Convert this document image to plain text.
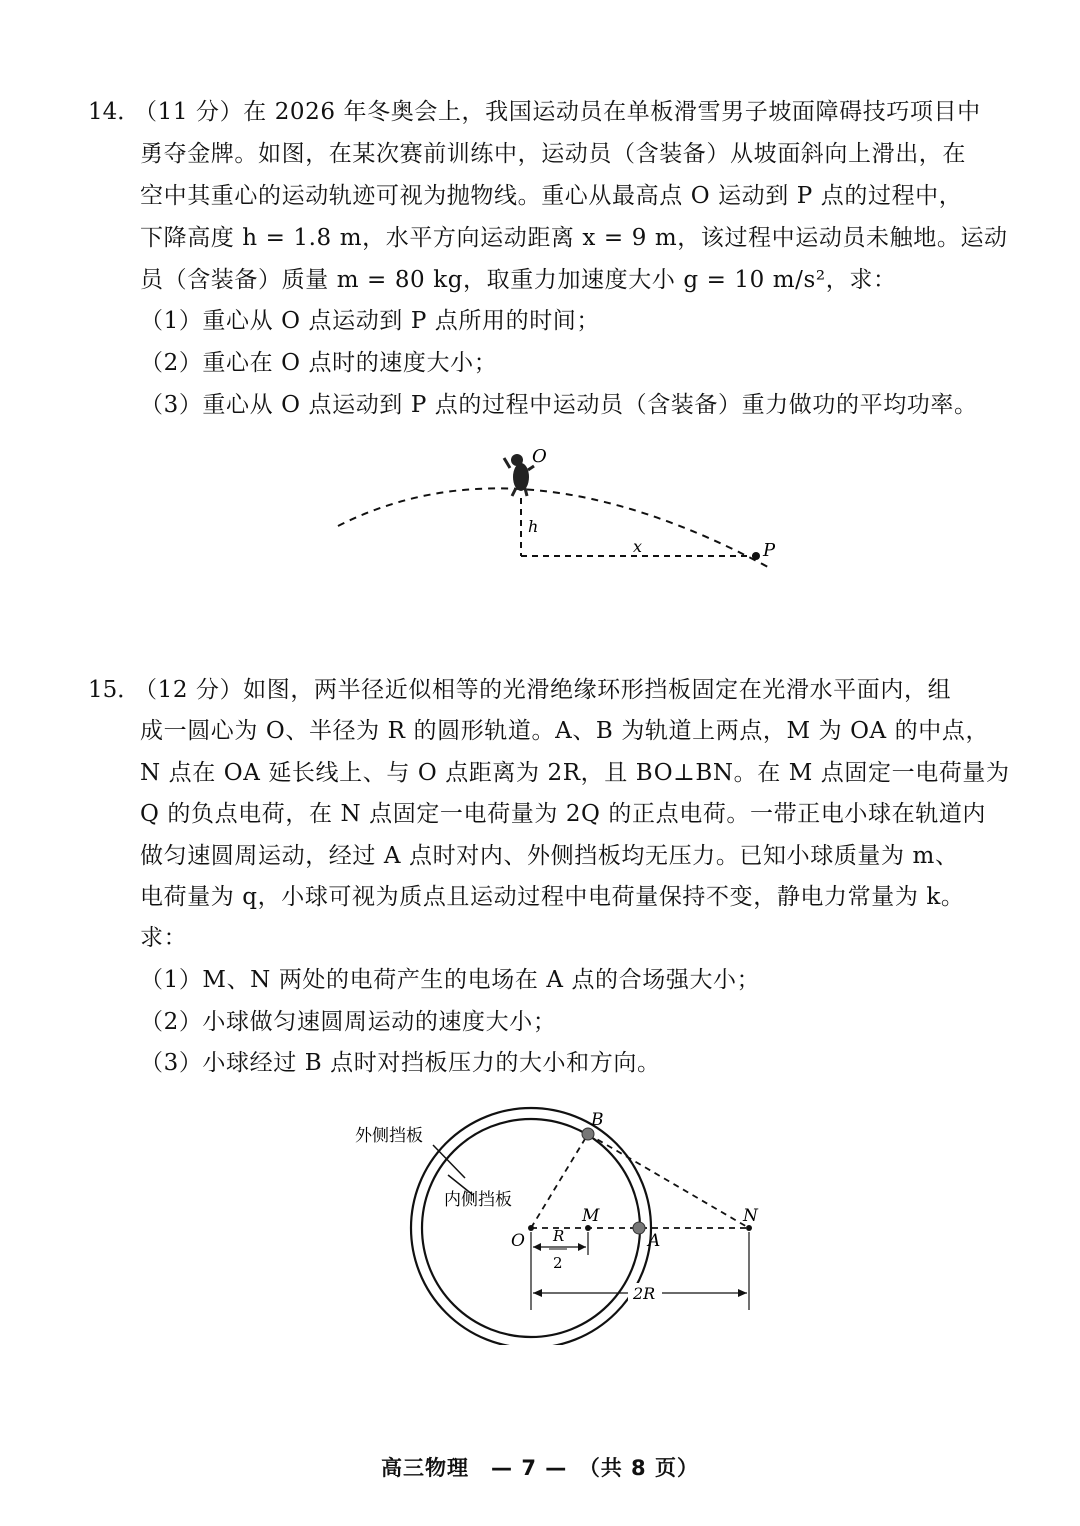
14．
（11 分）在 2026 年冬奥会上，我国运动员在单板滑雪男子坡面障碍技巧项目中
勇夺金牌。如图，在某次赛前训练中，运动员（含装备）从坡面斜向上滑出，在
空中其重心的运动轨迹可视为抛物线。重心从最高点 O 运动到 P 点的过程中，
下降高度 h = 1.8 m，水平方向运动距离 x = 9 m，该过程中运动员未触地。运动
员（含装备）质量 m = 80 kg，取重力加速度大小 g = 10 m/s²，求：
（1）重心从 O 点运动到 P 点所用的时间；
（2）重心在 O 点时的速度大小；
（3）重心从 O 点运动到 P 点的过程中运动员（含装备）重力做功的平均功率。
O
h
x	P
15．
（12 分）如图，两半径近似相等的光滑绝缘环形挡板固定在光滑水平面内，组
成一圆心为 O、半径为 R 的圆形轨道。A、B 为轨道上两点，M 为 OA 的中点，
N 点在 OA 延长线上、与 O 点距离为 2R，且 BO⊥BN。在 M 点固定一电荷量为
Q 的负点电荷，在 N 点固定一电荷量为 2Q 的正点电荷。一带正电小球在轨道内
做匀速圆周运动，经过 A 点时对内、外侧挡板均无压力。已知小球质量为 m、
电荷量为 q，小球可视为质点且运动过程中电荷量保持不变，静电力常量为 k。
求：
（1）M、N 两处的电荷产生的电场在 A 点的合场强大小；
（2）小球做匀速圆周运动的速度大小；
（3）小球经过 B 点时对挡板压力的大小和方向。
外侧挡板
内侧挡板
B
M	N
O	A
R
2
2R
高三物理　— 7 —　（共 8 页）
